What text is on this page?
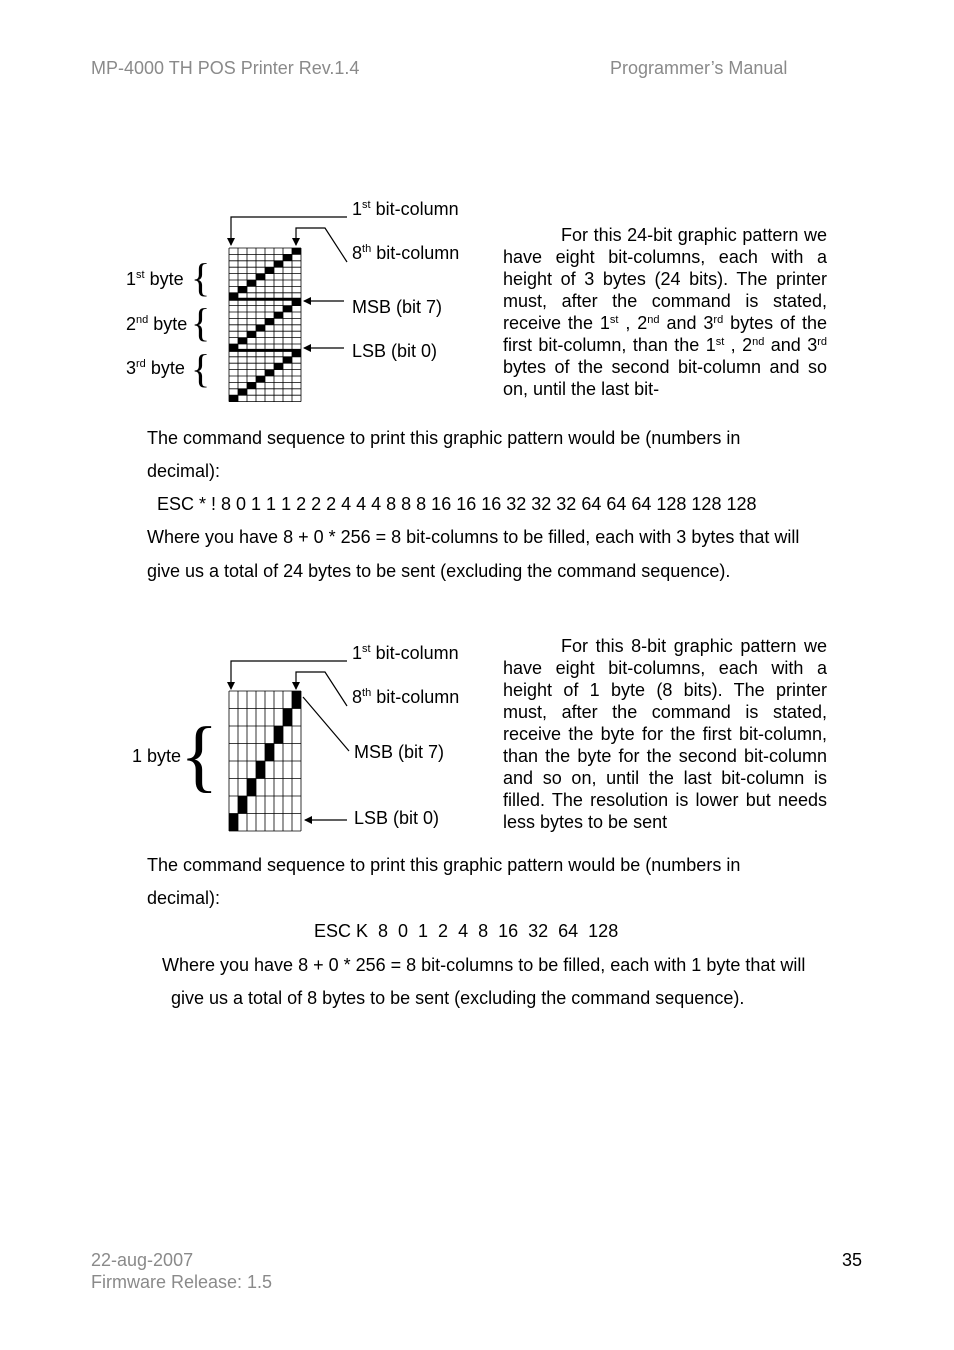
MP-4000 TH POS Printer Rev.1.4	Programmer’s Manual
1st bit-column
8th bit-column
MSB (bit 7)
LSB (bit 0)
1st byte
2nd byte
3rd byte
{
{
{

For this 24-bit graphic pattern we have eight bit-columns, each with a height of 3 bytes (24 bits). The printer must, after the command is stated, receive the 1st , 2nd and 3rd bytes of the first bit-column, than the 1st , 2nd and 3rd bytes of the second bit-column and so on, until the last bit-

The command sequence to print this graphic pattern would be (numbers in
decimal):
ESC * ! 8 0 1 1 1 2 2 2 4 4 4 8 8 8 16 16 16 32 32 32 64 64 64 128 128 128
Where you have 8 + 0 * 256 = 8 bit-columns to be filled, each with 3 bytes that will
give us a total of 24 bytes to be sent (excluding the command sequence).
1st bit-column
8th bit-column
MSB (bit 7)
LSB (bit 0)
1 byte
{

For this 8-bit graphic pattern we have eight bit-columns, each with a height of 1 byte (8 bits). The printer must, after the command is stated, receive the byte for the first bit-column, than the byte for the second bit-column and so on, until the last bit-column is filled. The resolution is lower but needs less bytes to be sent

The command sequence to print this graphic pattern would be (numbers in
decimal):
ESC K  8  0  1  2  4  8  16  32  64  128
Where you have 8 + 0 * 256 = 8 bit-columns to be filled, each with 1 byte that will
give us a total of 8 bytes to be sent (excluding the command sequence).
22-aug-2007
Firmware Release: 1.5
35
